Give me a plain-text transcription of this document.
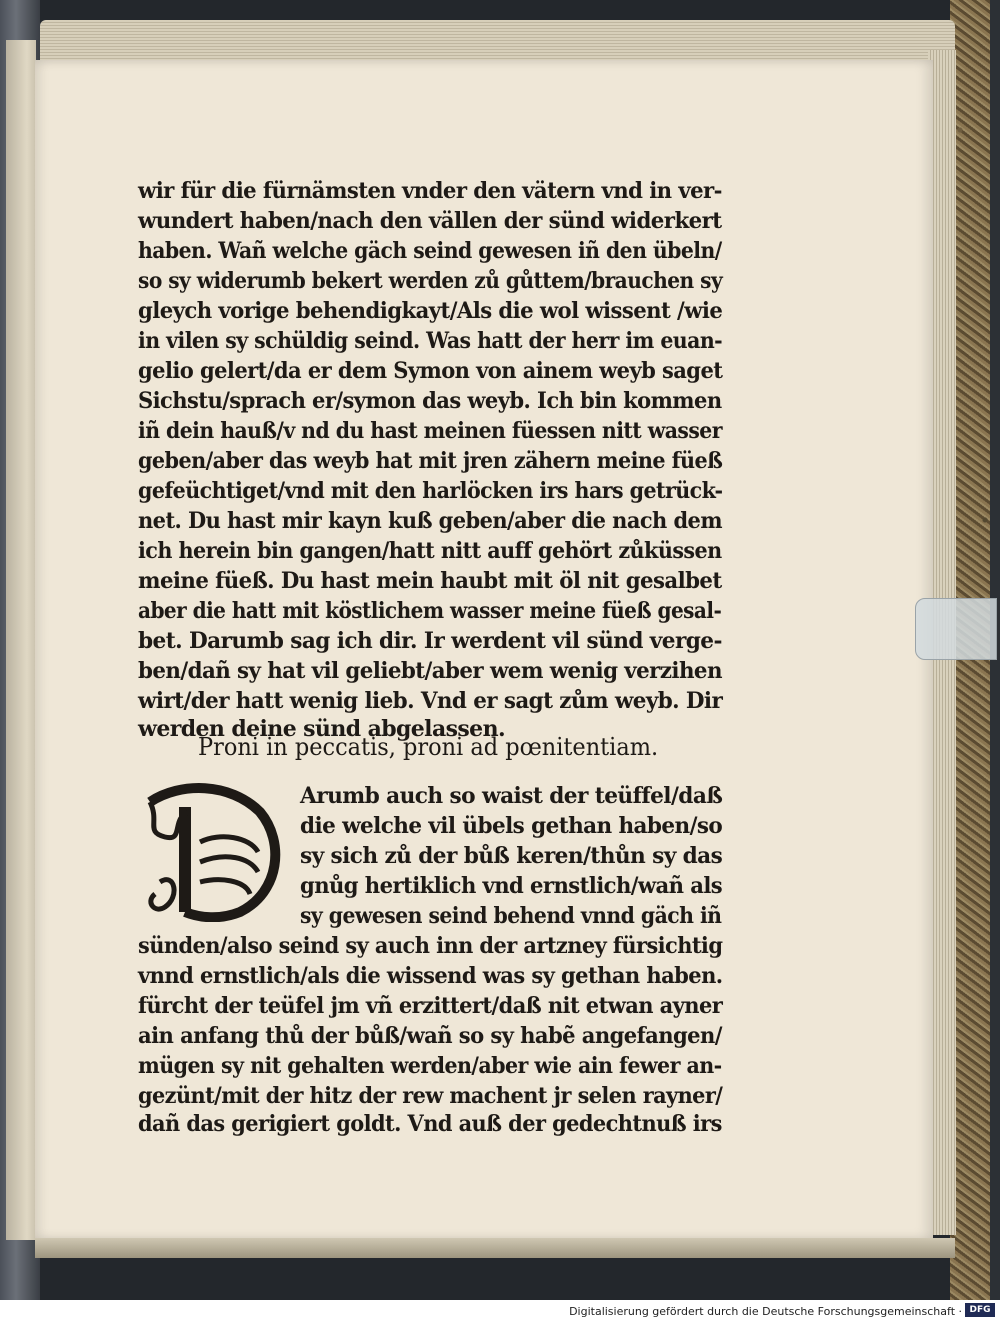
wir für die fürnämsten vnder den vätern vnd in ver-
wundert haben/nach den vällen der sünd widerkert
haben. Wañ welche gäch seind gewesen iñ den übeln/
so sy widerumb bekert werden zů gůttem/brauchen sy
gleych vorige behendigkayt/Als die wol wissent /wie
in vilen sy schüldig seind. Was hatt der herr im euan-
gelio gelert/da er dem Symon von ainem weyb saget
Sichstu/sprach er/symon das weyb. Ich bin kommen
iñ dein hauß/v nd du hast meinen füessen nitt wasser
geben/aber das weyb hat mit jren zähern meine füeß
gefeüchtiget/vnd mit den harlöcken irs hars getrück-
net. Du hast mir kayn kuß geben/aber die nach dem
ich herein bin gangen/hatt nitt auff gehört zůküssen
meine füeß. Du hast mein haubt mit öl nit gesalbet
aber die hatt mit köstlichem wasser meine füeß gesal-
bet. Darumb sag ich dir. Ir werdent vil sünd verge-
ben/dañ sy hat vil geliebt/aber wem wenig verzihen
wirt/der hatt wenig lieb. Vnd er sagt zům weyb. Dir
werden deine sünd abgelassen.
Proni in peccatis, proni ad pœnitentiam.
D
Arumb auch so waist der teüffel/daß
die welche vil übels gethan haben/so
sy sich zů der bůß keren/thůn sy das
gnůg hertiklich vnd ernstlich/wañ als
sy gewesen seind behend vnnd gäch iñ
sünden/also seind sy auch inn der artzney fürsichtig
vnnd ernstlich/als die wissend was sy gethan haben.
fürcht der teüfel jm vñ erzittert/daß nit etwan ayner
ain anfang thů der bůß/wañ so sy habẽ angefangen/
mügen sy nit gehalten werden/aber wie ain fewer an-
gezünt/mit der hitz der rew machent jr selen rayner/
dañ das gerigiert goldt. Vnd auß der gedechtnuß irs
Digitalisierung gefördert durch die Deutsche Forschungsgemeinschaft · DFG
